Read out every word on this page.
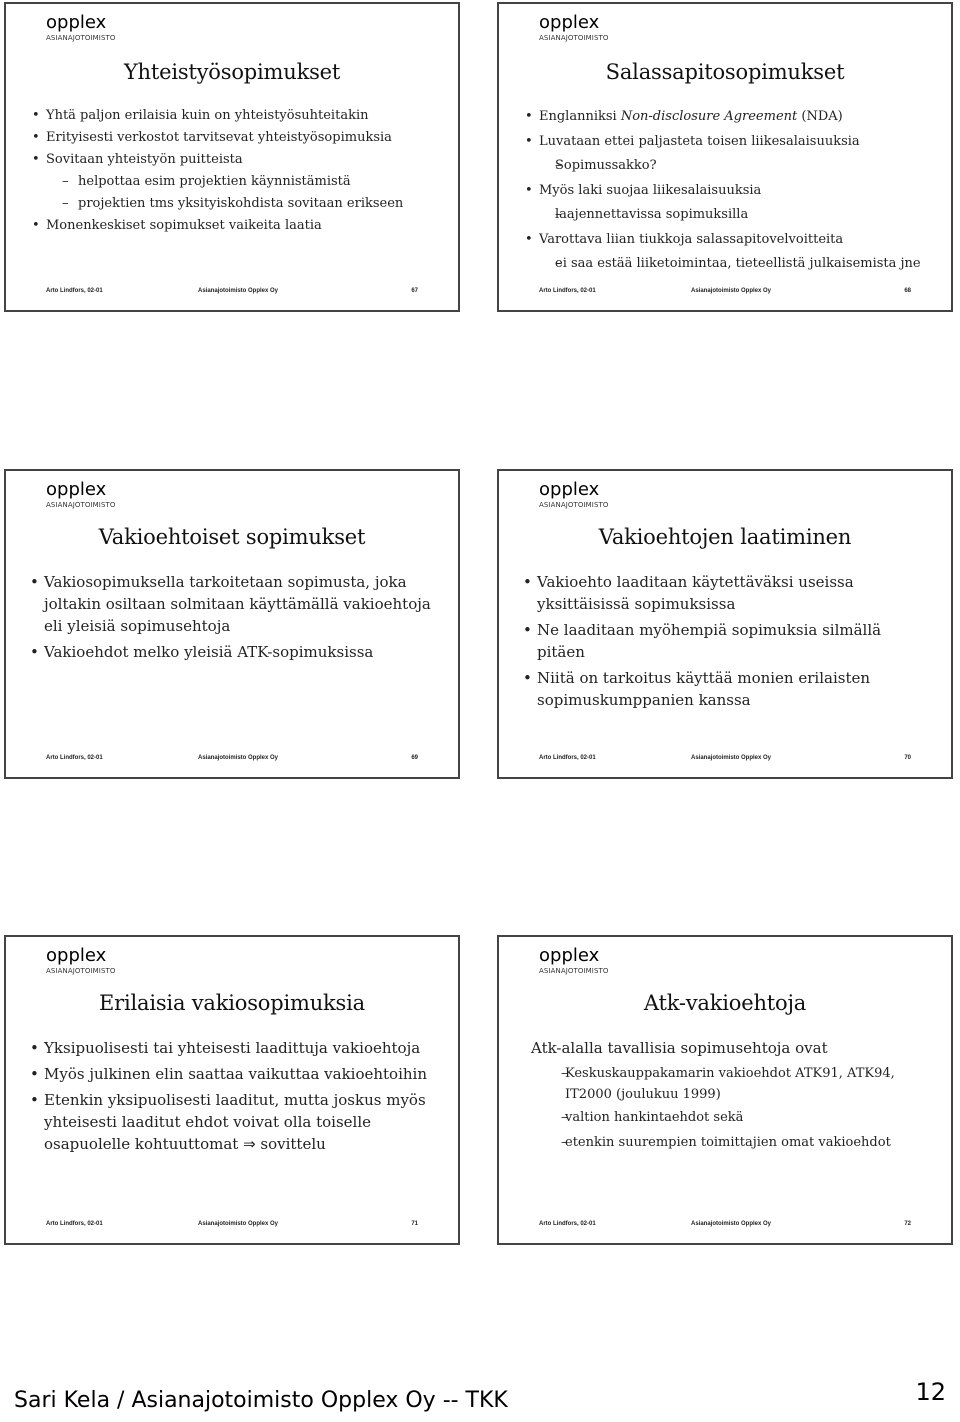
opplex
ASIANAJOTOIMISTO
Yhteistyösopimukset
• Yhtä paljon erilaisia kuin on yhteistyösuhteitakin
• Erityisesti verkostot tarvitsevat yhteistyösopimuksia
• Sovitaan yhteistyön puitteista
– helpottaa esim projektien käynnistämistä
– projektien tms yksityiskohdista sovitaan erikseen
• Monenkeskiset sopimukset vaikeita laatia
Arto Lindfors, 02-01	Asianajotoimisto Opplex Oy	67
opplex
ASIANAJOTOIMISTO
Salassapitosopimukset
• Englanniksi Non-disclosure Agreement (NDA)
• Luvataan ettei paljasteta toisen liikesalaisuuksia
– Sopimussakko?
• Myös laki suojaa liikesalaisuuksia
– laajennettavissa sopimuksilla
• Varottava liian tiukkoja salassapitovelvoitteita
– ei saa estää liiketoimintaa, tieteellistä julkaisemista jne
Arto Lindfors, 02-01	Asianajotoimisto Opplex Oy	68
opplex
ASIANAJOTOIMISTO
Vakioehtoiset sopimukset
• Vakiosopimuksella tarkoitetaan sopimusta, joka joltakin osiltaan solmitaan käyttämällä vakioehtoja eli yleisiä sopimusehtoja
• Vakioehdot melko yleisiä ATK-sopimuksissa
Arto Lindfors, 02-01	Asianajotoimisto Opplex Oy	69
opplex
ASIANAJOTOIMISTO
Vakioehtojen laatiminen
• Vakioehto laaditaan käytettäväksi useissa yksittäisissä sopimuksissa
• Ne laaditaan myöhempiä sopimuksia silmällä pitäen
• Niitä on tarkoitus käyttää monien erilaisten sopimuskumppanien kanssa
Arto Lindfors, 02-01	Asianajotoimisto Opplex Oy	70
opplex
ASIANAJOTOIMISTO
Erilaisia vakiosopimuksia
• Yksipuolisesti tai yhteisesti laadittuja vakioehtoja
• Myös julkinen elin saattaa vaikuttaa vakioehtoihin
• Etenkin yksipuolisesti laaditut, mutta joskus myös yhteisesti laaditut ehdot voivat olla toiselle osapuolelle kohtuuttomat ⇒ sovittelu
Arto Lindfors, 02-01	Asianajotoimisto Opplex Oy	71
opplex
ASIANAJOTOIMISTO
Atk-vakioehtoja
Atk-alalla tavallisia sopimusehtoja ovat
– Keskuskauppakamarin vakioehdot ATK91, ATK94, IT2000 (joulukuu 1999)
– valtion hankintaehdot sekä
– etenkin suurempien toimittajien omat vakioehdot
Arto Lindfors, 02-01	Asianajotoimisto Opplex Oy	72
Sari Kela / Asianajotoimisto Opplex Oy -- TKK	12
